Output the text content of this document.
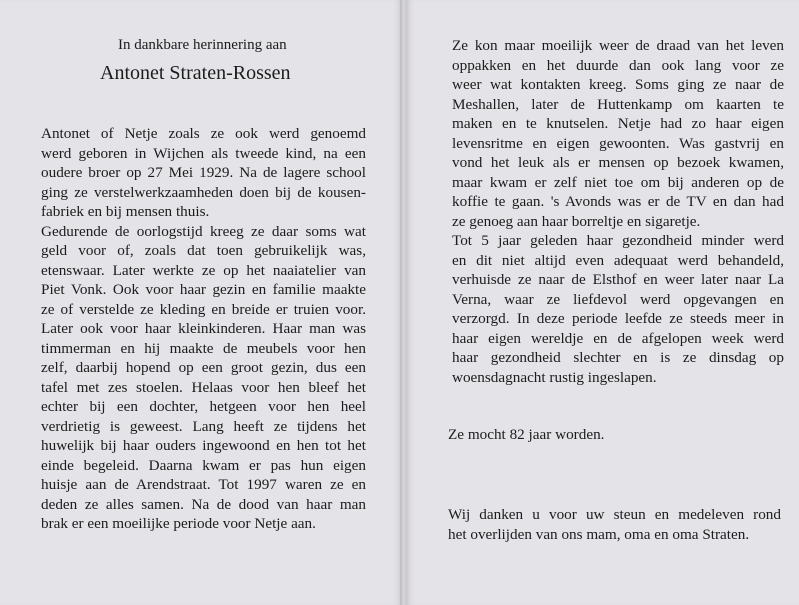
In dankbare herinnering aan
Antonet Straten-Rossen

Antonet of Netje zoals ze ook werd genoemd
werd geboren in Wijchen als tweede kind, na een
oudere broer op 27 Mei 1929. Na de lagere school
ging ze verstelwerkzaamheden doen bij de kousen-
fabriek en bij mensen thuis.
Gedurende de oorlogstijd kreeg ze daar soms wat
geld voor of, zoals dat toen gebruikelijk was,
etenswaar. Later werkte ze op het naaiatelier van
Piet Vonk. Ook voor haar gezin en familie maakte
ze of verstelde ze kleding en breide er truien voor.
Later ook voor haar kleinkinderen. Haar man was
timmerman en hij maakte de meubels voor hen
zelf, daarbij hopend op een groot gezin, dus een
tafel met zes stoelen. Helaas voor hen bleef het
echter bij een dochter, hetgeen voor hen heel
verdrietig is geweest. Lang heeft ze tijdens het
huwelijk bij haar ouders ingewoond en hen tot het
einde begeleid. Daarna kwam er pas hun eigen
huisje aan de Arendstraat. Tot 1997 waren ze en
deden ze alles samen. Na de dood van haar man
brak er een moeilijke periode voor Netje aan.

Ze kon maar moeilijk weer de draad van het leven
oppakken en het duurde dan ook lang voor ze
weer wat kontakten kreeg. Soms ging ze naar de
Meshallen, later de Huttenkamp om kaarten te
maken en te knutselen. Netje had zo haar eigen
levensritme en eigen gewoonten. Was gastvrij en
vond het leuk als er mensen op bezoek kwamen,
maar kwam er zelf niet toe om bij anderen op de
koffie te gaan. 's Avonds was er de TV en dan had
ze genoeg aan haar borreltje en sigaretje.
Tot 5 jaar geleden haar gezondheid minder werd
en dit niet altijd even adequaat werd behandeld,
verhuisde ze naar de Elsthof en weer later naar La
Verna, waar ze liefdevol werd opgevangen en
verzorgd. In deze periode leefde ze steeds meer in
haar eigen wereldje en de afgelopen week werd
haar gezondheid slechter en is ze dinsdag op
woensdagnacht rustig ingeslapen.

Ze mocht 82 jaar worden.

Wij danken u voor uw steun en medeleven rond
het overlijden van ons mam, oma en oma Straten.
